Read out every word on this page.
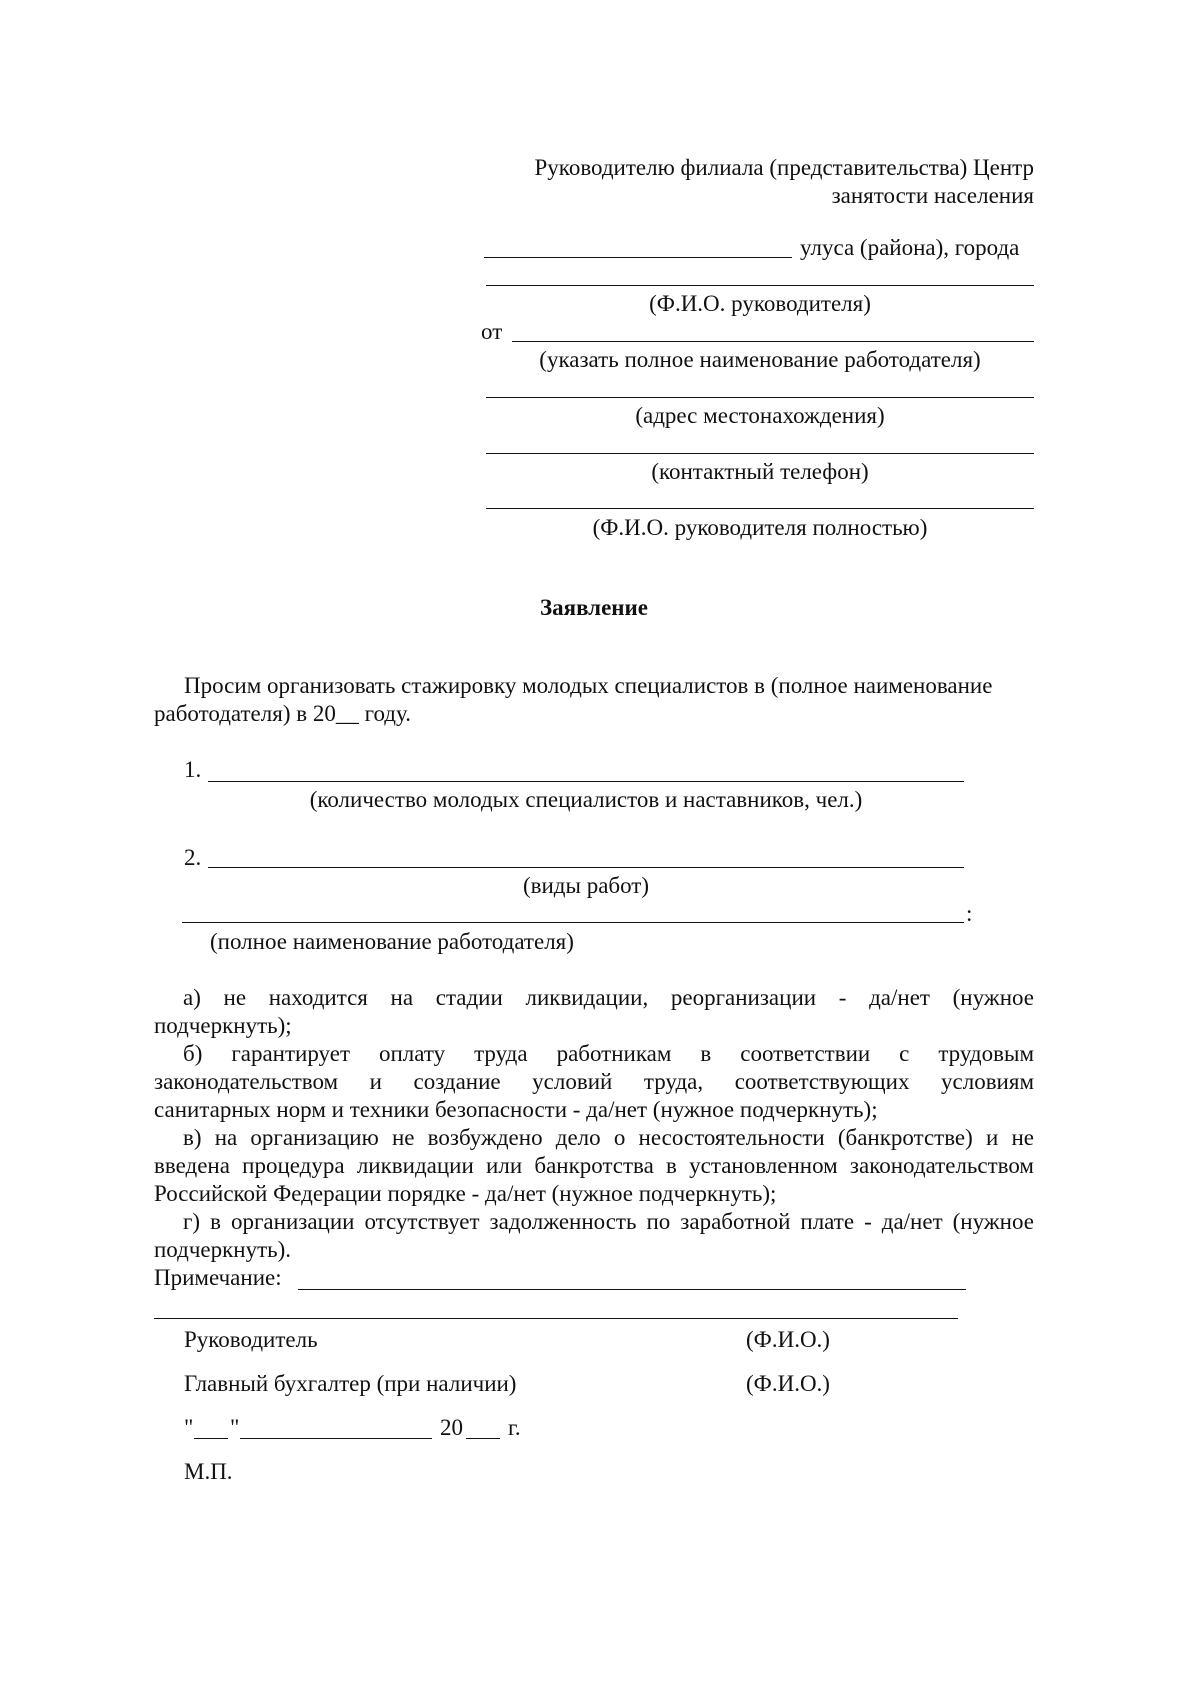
Руководителю филиала (представительства) Центр
занятости населения
улуса (района), города
(Ф.И.О. руководителя)
от
(указать полное наименование работодателя)
(адрес местонахождения)
(контактный телефон)
(Ф.И.О. руководителя полностью)
Заявление
Просим организовать стажировку молодых специалистов в (полное наименование
работодателя) в 20__ году.
1.
(количество молодых специалистов и наставников, чел.)
2.
(виды работ)
:
(полное наименование работодателя)
а) не находится на стадии ликвидации, реорганизации - да/нет (нужное
подчеркнуть);
б) гарантирует оплату труда работникам в соответствии с трудовым
законодательством и создание условий труда, соответствующих условиям
санитарных норм и техники безопасности - да/нет (нужное подчеркнуть);
в) на организацию не возбуждено дело о несостоятельности (банкротстве) и не
введена процедура ликвидации или банкротства в установленном законодательством
Российской Федерации порядке - да/нет (нужное подчеркнуть);
г) в организации отсутствует задолженность по заработной плате - да/нет (нужное
подчеркнуть).
Примечание:
Руководитель	(Ф.И.О.)
Главный бухгалтер (при наличии)	(Ф.И.О.)
" "	20 г.
М.П.
